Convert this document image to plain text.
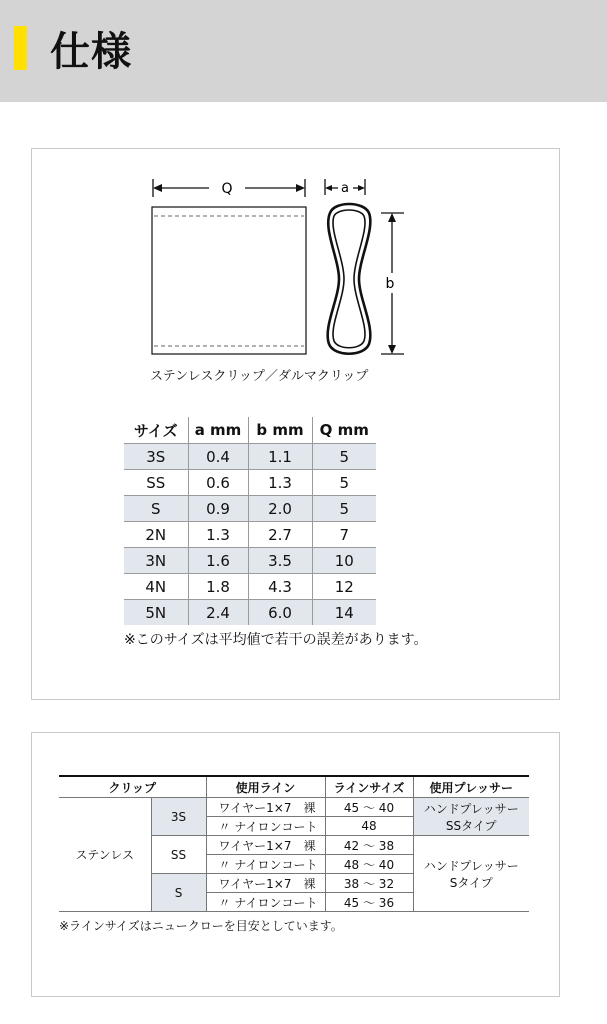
仕様
Q	a
b
ステンレスクリップ／ダルマクリップ
サイズ	a mm	b mm	Q mm
3S	0.4	1.1	5
SS	0.6	1.3	5
S	0.9	2.0	5
2N	1.3	2.7	7
3N	1.6	3.5	10
4N	1.8	4.3	12
5N	2.4	6.0	14
※このサイズは平均値で若干の誤差があります。
クリップ		使用ライン	ラインサイズ	使用プレッサー
ステンレス	3S	ワイヤー1×7　裸	45 〜 40	ハンドプレッサー
SSタイプ

		〃 ナイロンコート	48	
	SS	ワイヤー1×7　裸	42 〜 38	ハンドプレッサー
Sタイプ

		〃 ナイロンコート	48 〜 40	
	S	ワイヤー1×7　裸	38 〜 32	
		〃 ナイロンコート	45 〜 36	
※ラインサイズはニュークローを目安としています。
